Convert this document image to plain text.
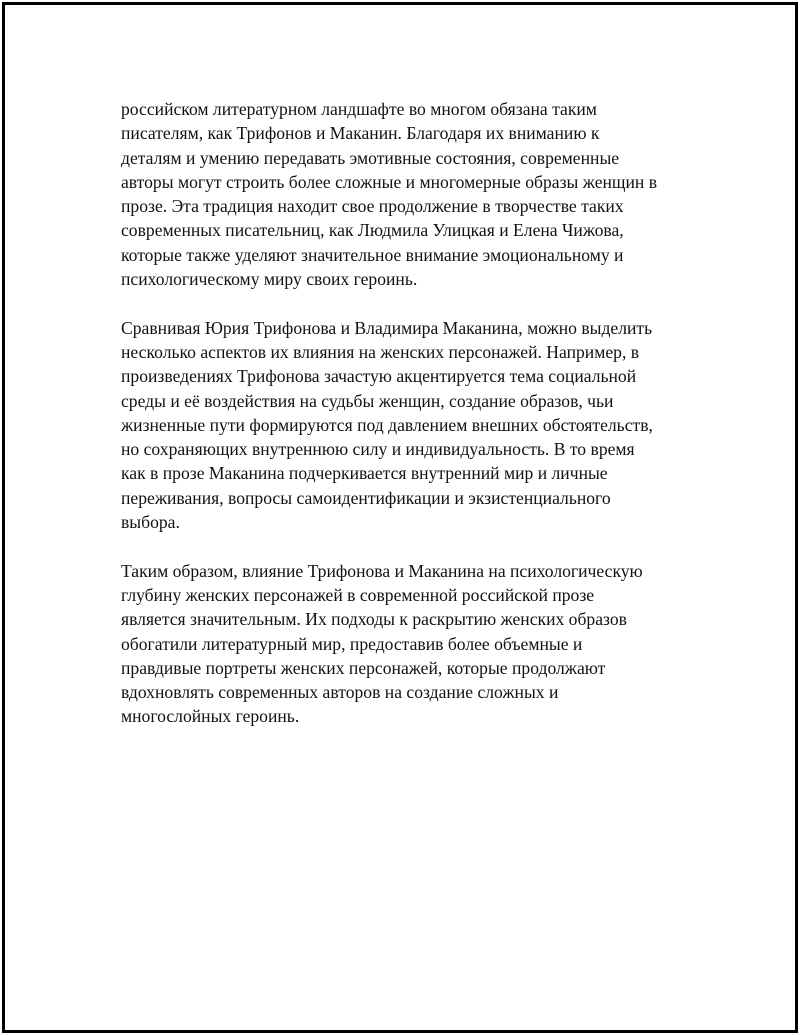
российском литературном ландшафте во многом обязана таким
писателям, как Трифонов и Маканин. Благодаря их вниманию к
деталям и умению передавать эмотивные состояния, современные
авторы могут строить более сложные и многомерные образы женщин в
прозе. Эта традиция находит свое продолжение в творчестве таких
современных писательниц, как Людмила Улицкая и Елена Чижова,
которые также уделяют значительное внимание эмоциональному и
психологическому миру своих героинь.

Сравнивая Юрия Трифонова и Владимира Маканина, можно выделить
несколько аспектов их влияния на женских персонажей. Например, в
произведениях Трифонова зачастую акцентируется тема социальной
среды и её воздействия на судьбы женщин, создание образов, чьи
жизненные пути формируются под давлением внешних обстоятельств,
но сохраняющих внутреннюю силу и индивидуальность. В то время
как в прозе Маканина подчеркивается внутренний мир и личные
переживания, вопросы самоидентификации и экзистенциального
выбора.

Таким образом, влияние Трифонова и Маканина на психологическую
глубину женских персонажей в современной российской прозе
является значительным. Их подходы к раскрытию женских образов
обогатили литературный мир, предоставив более объемные и
правдивые портреты женских персонажей, которые продолжают
вдохновлять современных авторов на создание сложных и
многослойных героинь.
